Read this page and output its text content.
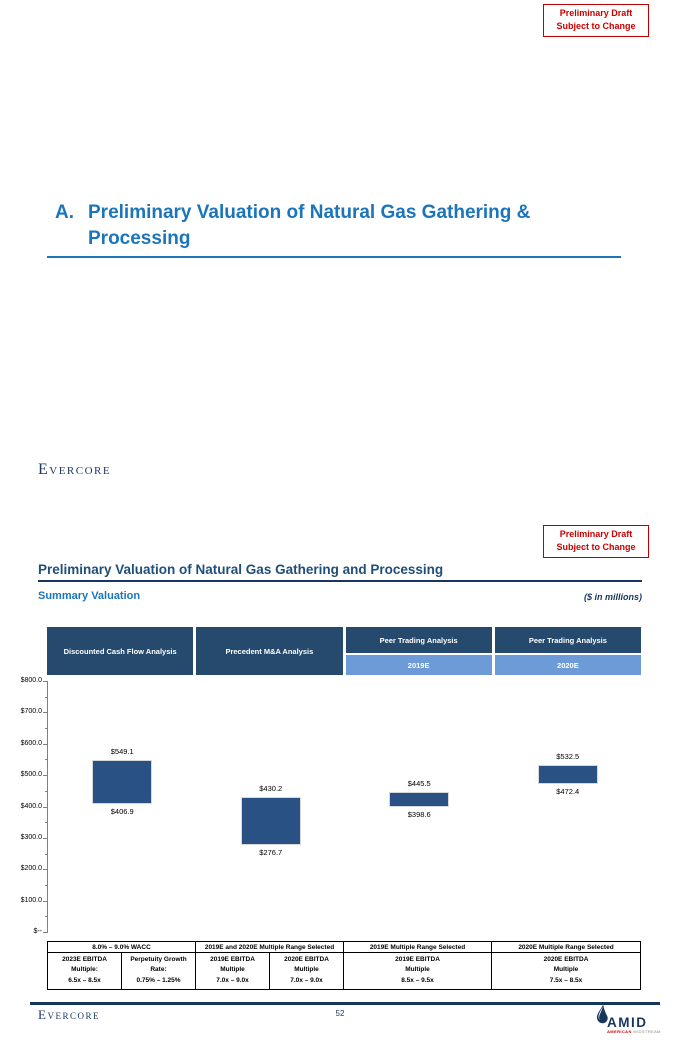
Preliminary Draft
Subject to Change
A. Preliminary Valuation of Natural Gas Gathering & Processing
Evercore
Preliminary Draft
Subject to Change
Preliminary Valuation of Natural Gas Gathering and Processing
Summary Valuation	($ in millions)
Discounted Cash Flow Analysis	Precedent M&A Analysis
Peer Trading Analysis
2019E
Peer Trading Analysis
2020E
$800.0
$700.0
$600.0
$500.0
$400.0
$300.0
$200.0
$100.0
$--
$549.1
$406.9
$430.2
$276.7
$445.5
$398.6
$532.5
$472.4
8.0% – 9.0% WACC	2019E and 2020E Multiple Range Selected	2019E Multiple Range Selected	2020E Multiple Range Selected
2023E EBITDA
Multiple:
6.5x – 8.5x
Perpetuity Growth
Rate:
0.75% – 1.25%
2019E EBITDA
Multiple
7.0x – 9.0x
2020E EBITDA
Multiple
7.0x – 9.0x
2019E EBITDA
Multiple
8.5x – 9.5x
2020E EBITDA
Multiple
7.5x – 8.5x
Evercore	52
AMID
AMERICAN MIDSTREAM
